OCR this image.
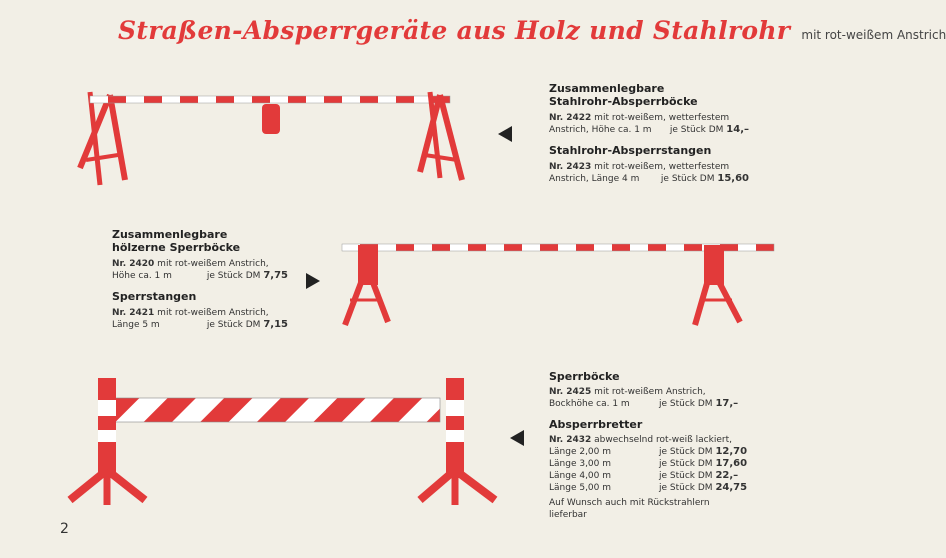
Straßen-Absperrgeräte aus Holz und Stahlrohr mit rot-weißem Anstrich
Zusammenlegbare
Stahlrohr-Absperrböcke
Nr. 2422 mit rot-weißem, wetterfestem
Anstrich, Höhe ca. 1 m je Stück DM 14,–
Stahlrohr-Absperrstangen
Nr. 2423 mit rot-weißem, wetterfestem
Anstrich, Länge 4 m je Stück DM 15,60
Zusammenlegbare
hölzerne Sperrböcke
Nr. 2420 mit rot-weißem Anstrich,
Höhe ca. 1 m	je Stück DM 7,75
Sperrstangen
Nr. 2421 mit rot-weißem Anstrich,
Länge 5 m	je Stück DM 7,15
Sperrböcke
Nr. 2425 mit rot-weißem Anstrich,
Bockhöhe ca. 1 m	je Stück DM 17,–
Absperrbretter
Nr. 2432 abwechselnd rot-weiß lackiert,
Länge 2,00 m	je Stück DM 12,70
Länge 3,00 m	je Stück DM 17,60
Länge 4,00 m	je Stück DM 22,–
Länge 5,00 m	je Stück DM 24,75
Auf Wunsch auch mit Rückstrahlern lieferbar
2
